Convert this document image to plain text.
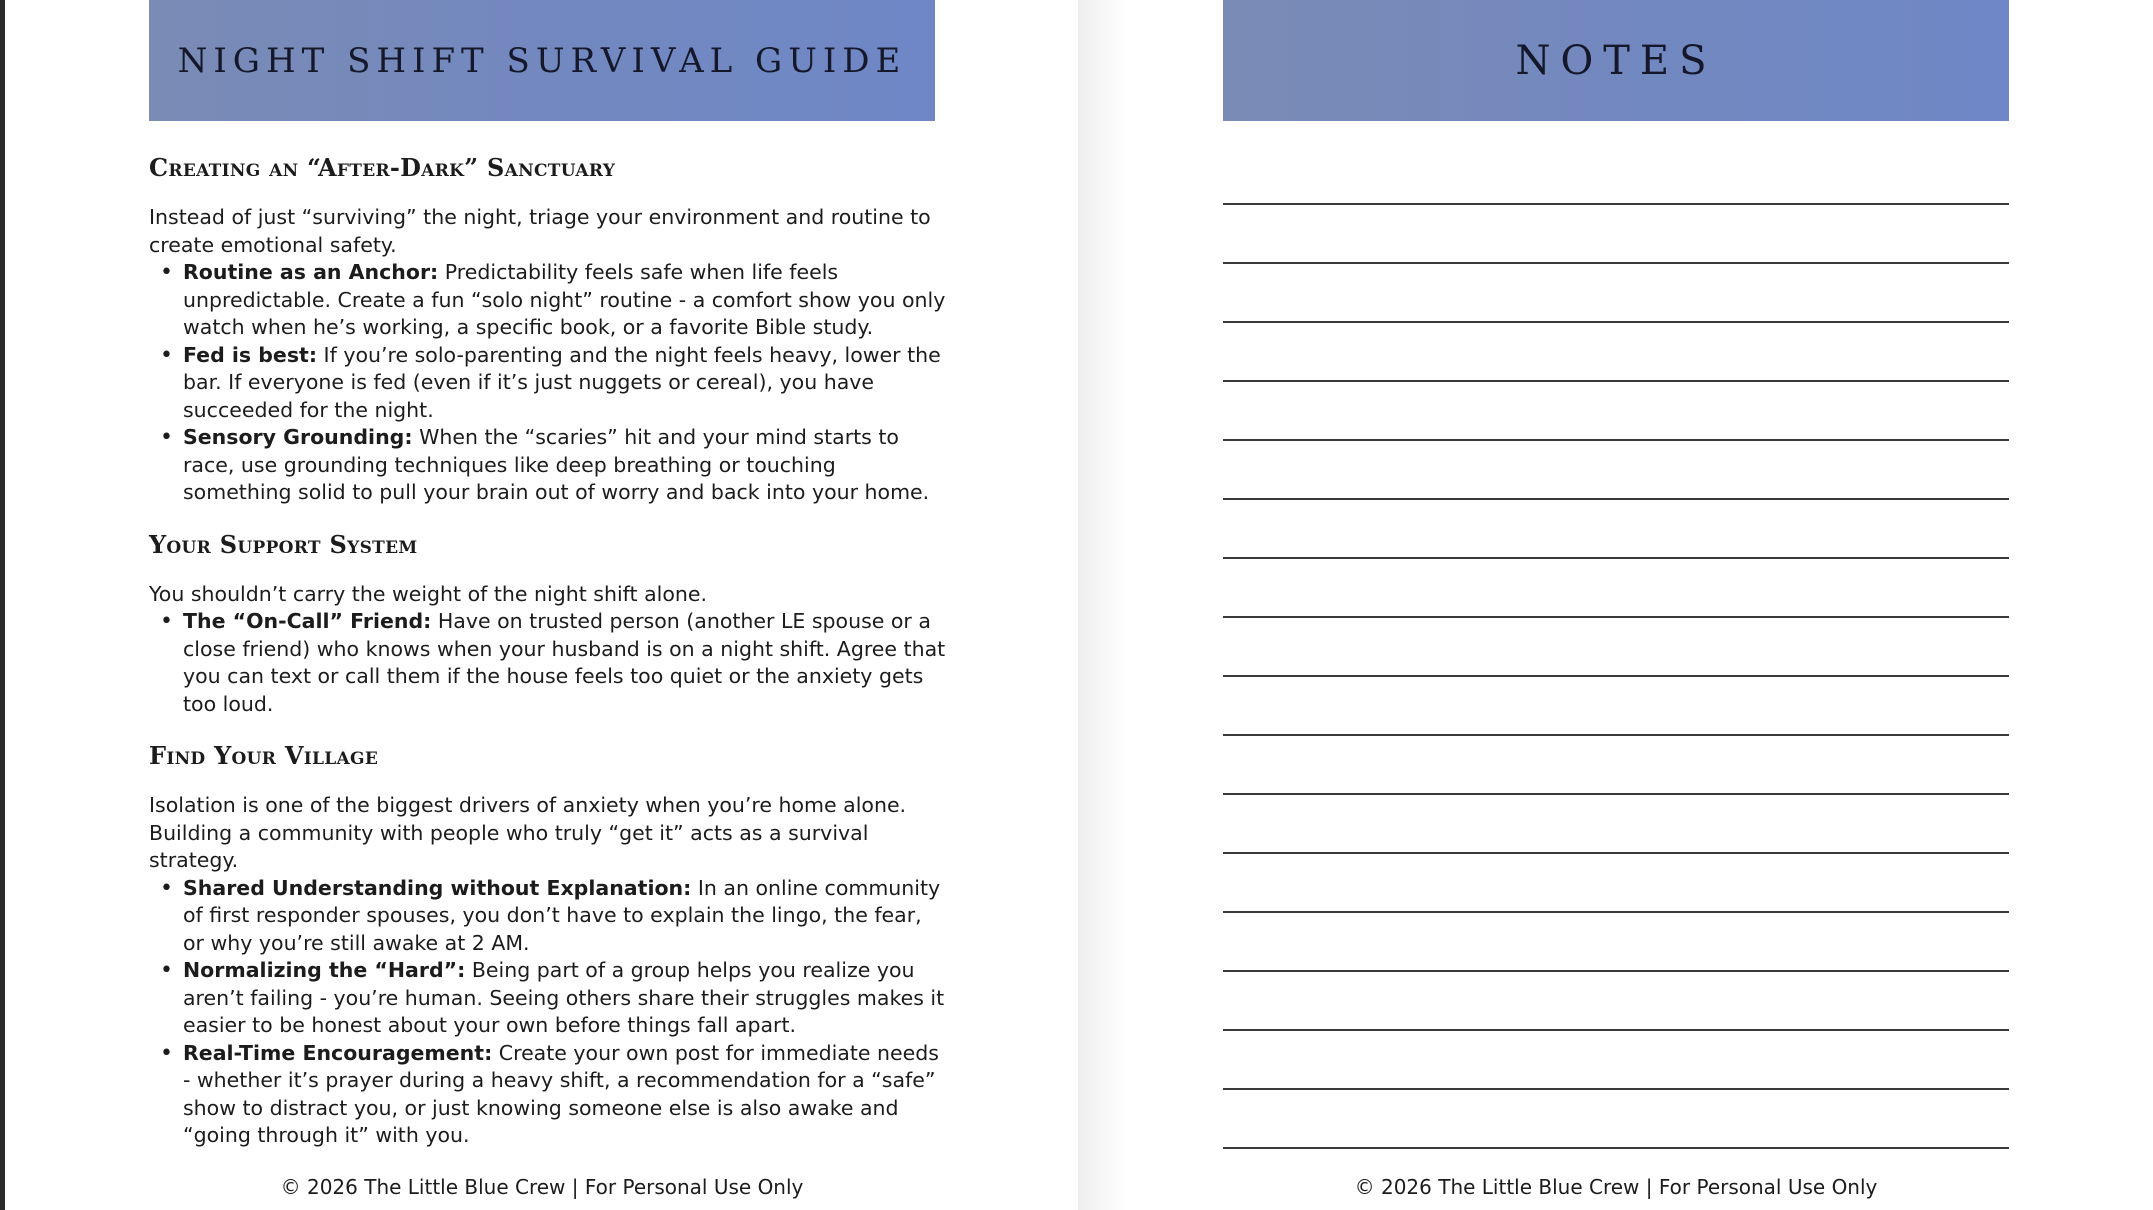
NIGHT SHIFT SURVIVAL GUIDE
Creating an “After-Dark” Sanctuary

Instead of just “surviving” the night, triage your environment and routine to create emotional safety.

• Routine as an Anchor: Predictability feels safe when life feels unpredictable. Create a fun “solo night” routine - a comfort show you only watch when he’s working, a specific book, or a favorite Bible study.
• Fed is best: If you’re solo-parenting and the night feels heavy, lower the bar. If everyone is fed (even if it’s just nuggets or cereal), you have succeeded for the night.
• Sensory Grounding: When the “scaries” hit and your mind starts to race, use grounding techniques like deep breathing or touching something solid to pull your brain out of worry and back into your home.
Your Support System

You shouldn’t carry the weight of the night shift alone.

• The “On-Call” Friend: Have on trusted person (another LE spouse or a close friend) who knows when your husband is on a night shift. Agree that you can text or call them if the house feels too quiet or the anxiety gets too loud.
Find Your Village

Isolation is one of the biggest drivers of anxiety when you’re home alone. Building a community with people who truly “get it” acts as a survival strategy.

• Shared Understanding without Explanation: In an online community of first responder spouses, you don’t have to explain the lingo, the fear, or why you’re still awake at 2 AM.
• Normalizing the “Hard”: Being part of a group helps you realize you aren’t failing - you’re human. Seeing others share their struggles makes it easier to be honest about your own before things fall apart.
• Real-Time Encouragement: Create your own post for immediate needs - whether it’s prayer during a heavy shift, a recommendation for a “safe” show to distract you, or just knowing someone else is also awake and “going through it” with you.
© 2026 The Little Blue Crew | For Personal Use Only
NOTES
© 2026 The Little Blue Crew | For Personal Use Only
